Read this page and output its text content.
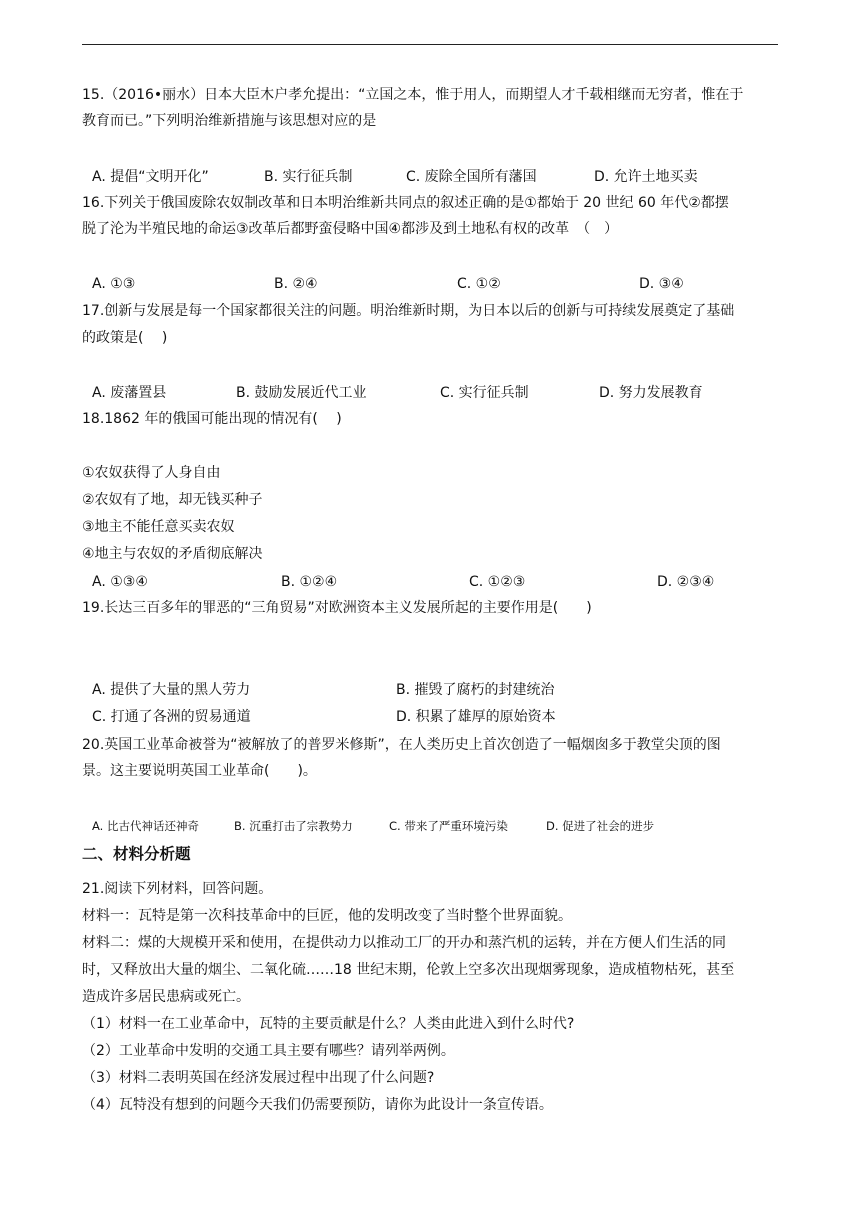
15.（2016•丽水）日本大臣木户孝允提出：“立国之本，惟于用人，而期望人才千载相继而无穷者，惟在于
教育而已。”下列明治维新措施与该思想对应的是
A. 提倡“文明开化”	B. 实行征兵制	C. 废除全国所有藩国	D. 允许土地买卖
16.下列关于俄国废除农奴制改革和日本明治维新共同点的叙述正确的是①都始于 20 世纪 60 年代②都摆
脱了沦为半殖民地的命运③改革后都野蛮侵略中国④都涉及到土地私有权的改革　（　）
A. ①③	B. ②④	C. ①②	D. ③④
17.创新与发展是每一个国家都很关注的问题。明治维新时期，为日本以后的创新与可持续发展奠定了基础
的政策是(　 )
A. 废藩置县	B. 鼓励发展近代工业	C. 实行征兵制	D. 努力发展教育
18.1862 年的俄国可能出现的情况有(　 )
①农奴获得了人身自由
②农奴有了地，却无钱买种子
③地主不能任意买卖农奴
④地主与农奴的矛盾彻底解决
A. ①③④	B. ①②④	C. ①②③	D. ②③④
19.长达三百多年的罪恶的“三角贸易”对欧洲资本主义发展所起的主要作用是(　　)
A. 提供了大量的黑人劳力	B. 摧毁了腐朽的封建统治
C. 打通了各洲的贸易通道	D. 积累了雄厚的原始资本
20.英国工业革命被誉为“被解放了的普罗米修斯”，在人类历史上首次创造了一幅烟囱多于教堂尖顶的图
景。这主要说明英国工业革命(　　)。
A. 比古代神话还神奇	B. 沉重打击了宗教势力	C. 带来了严重环境污染	D. 促进了社会的进步
二、材料分析题
21.阅读下列材料，回答问题。
材料一：瓦特是第一次科技革命中的巨匠，他的发明改变了当时整个世界面貌。
材料二：煤的大规模开采和使用，在提供动力以推动工厂的开办和蒸汽机的运转，并在方便人们生活的同
时，又释放出大量的烟尘、二氧化硫……18 世纪末期，伦敦上空多次出现烟雾现象，造成植物枯死，甚至
造成许多居民患病或死亡。
（1）材料一在工业革命中，瓦特的主要贡献是什么？人类由此进入到什么时代?
（2）工业革命中发明的交通工具主要有哪些？请列举两例。
（3）材料二表明英国在经济发展过程中出现了什么问题?
（4）瓦特没有想到的问题今天我们仍需要预防，请你为此设计一条宣传语。
